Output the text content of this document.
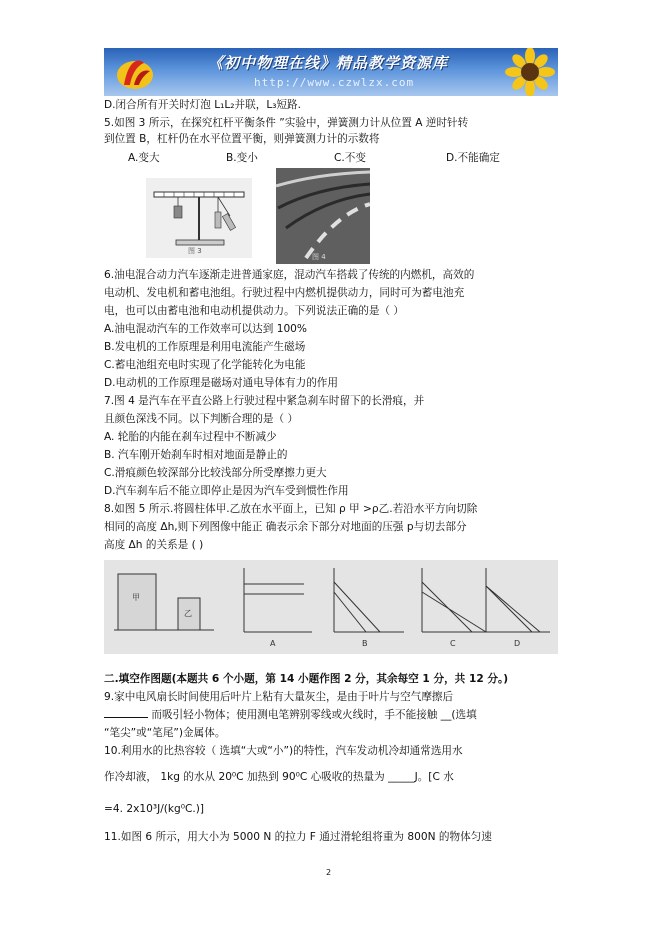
《初中物理在线》精品教学资源库
http://www.czwlzx.com
D.闭合所有开关时灯泡 L₁L₂并联，L₃短路.
5.如图 3 所示，在探究杠杆平衡条件 ”实验中，弹簧测力计从位置 A 逆时针转
到位置 B，杠杆仍在水平位置平衡，则弹簧测力计的示数将
A.变大	B.变小	C.不变	D.不能确定
图 3
图 4
6.油电混合动力汽车逐渐走进普通家庭，混动汽车搭载了传统的内燃机，高效的
电动机、发电机和蓄电池组。行驶过程中内燃机提供动力，同时可为蓄电池充
电，也可以由蓄电池和电动机提供动力。下列说法正确的是（ ）
A.油电混动汽车的工作效率可以达到 100%
B.发电机的工作原理是利用电流能产生磁场
C.蓄电池组充电时实现了化学能转化为电能
D.电动机的工作原理是磁场对通电导体有力的作用
7.图 4 是汽车在平直公路上行驶过程中紧急刹车时留下的长滑痕，并
且颜色深浅不同。以下判断合理的是（ ）
A. 轮胎的内能在刹车过程中不断减少
B. 汽车刚开始刹车时相对地面是静止的
C.滑痕颜色较深部分比较浅部分所受摩擦力更大
D.汽车刹车后不能立即停止是因为汽车受到惯性作用
8.如图 5 所示.将圆柱体甲.乙放在水平面上，已知 ρ 甲 >ρ乙.若沿水平方向切除
相同的高度 Δh,则下列图像中能正 确表示余下部分对地面的压强 p与切去部分
高度 Δh 的关系是 ( )
甲
乙
A	B	C	D
二.填空作图题(本题共 6 个小题，第 14 小题作图 2 分，其余每空 1 分，共 12 分。)
9.家中电风扇长时间使用后叶片上粘有大量灰尘，是由于叶片与空气摩擦后
而吸引轻小物体；使用测电笔辨别零线或火线时，手不能接触 __(选填
“笔尖”或“笔尾”)金属体。
10.利用水的比热容较（ 选填“大或“小”)的特性，汽车发动机冷却通常选用水
作冷却液， 1kg 的水从 20⁰C 加热到 90⁰C 心吸收的热量为 _____J。[C 水
=4. 2x10³J/(kg⁰C.)]
11.如图 6 所示，用大小为 5000 N 的拉力 F 通过滑轮组将重为 800N 的物体匀速
2
